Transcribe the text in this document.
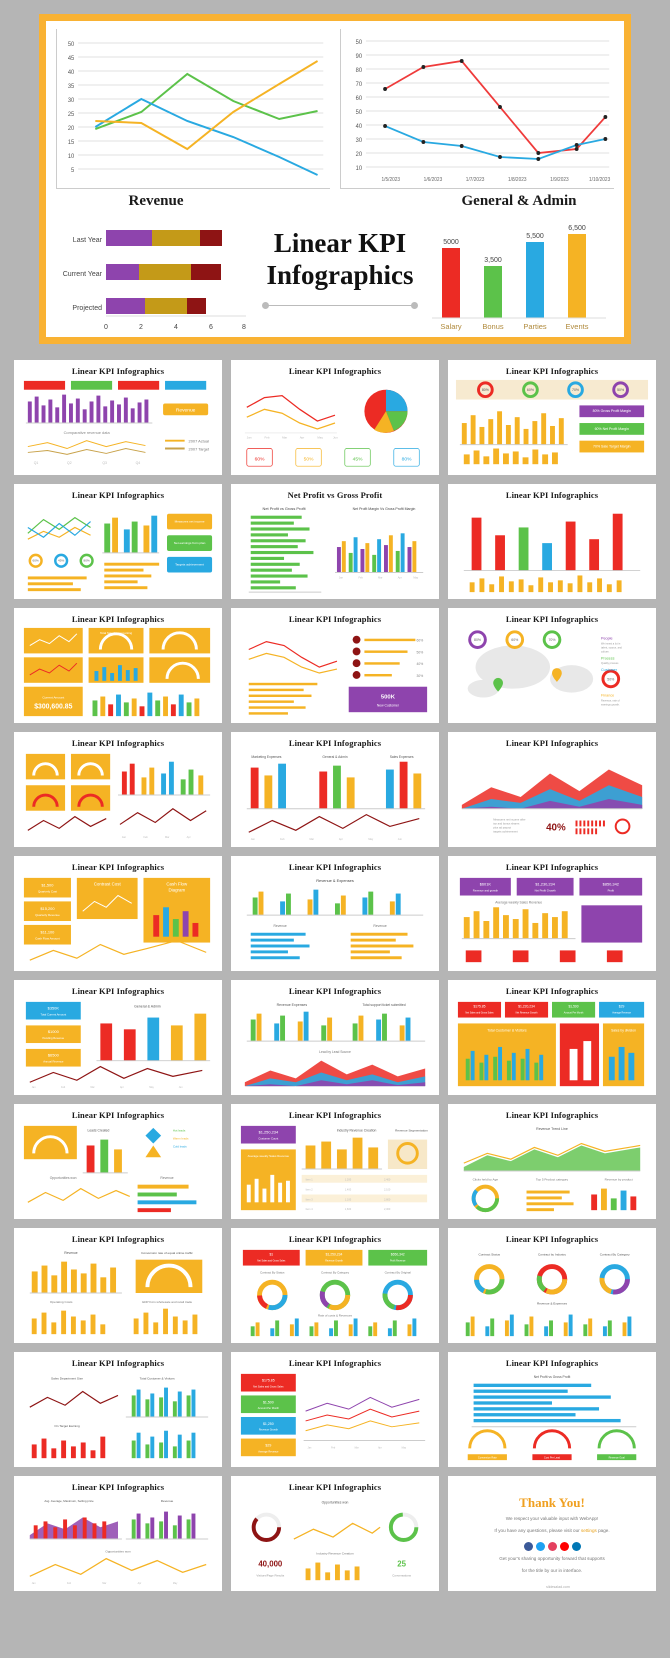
50
45
40
35
30
25
20
15
10
5
50
90
80
70
60
50
40
30
20
10
1/5/2023	1/6/2023	1/7/2023	1/8/2023	1/9/2023	1/10/2023
Revenue
Last Year
Current Year
Projected
0	2	4	6	8
Linear KPI
Infographics
General & Admin
5000
3,500
5,500
6,500
Salary	Bonus	Parties	Events
Linear KPI Infographics
Revenue
Comparative revenue data
2007 Actual
2007 Target
Q1	Q2	Q3	Q4
Linear KPI Infographics
Jan	Feb	Mar	Apr	May	Jun
60%	50%	45%	80%
Linear KPI Infographics
80%	60%	70%	50%
80% Gross Profit Margin
60% Net Profit Margin
70% Sale Target Margin
Linear KPI Infographics
60%	45%	80%
Measures net income
Net earnings from plan
Targets achievement
Net Profit vs Gross Profit
Net Profit vs Gross Profit	Net Profit Margin Vs Gross Profit Margin
Jan	Feb	Mar	Apr	May
Linear KPI Infographics
Linear KPI Infographics
Total Sale for accounting
Current Amount
$300,600.85
Linear KPI Infographics
60%
50%
40%
30%
500K
New Customer
Linear KPI Infographics
80%	60%	70%
50%
People
We invest a lot in
talent, source, and
culture.
Process
Quality process
Customer
Finance
Revenue, rate of
earnings growth.
Linear KPI Infographics
Jan	Feb	Mar	Apr
Linear KPI Infographics
Marketing Expenses	General & Admin	Sales Expenses
Jan	Feb	Mar	Apr	May	Jun
Linear KPI Infographics
Measures net income after
tax and bonus shares
plus ad payout
targets achievement	40%
Linear KPI Infographics
$1,500
Quarterly Cost
$15,200
Quarterly Revenue
$11,100
Cash Flow Amount
Contrast Cost	Cash Flow
Diagram
Linear KPI Infographics
Revenue & Expenses
Revenue	Revenue
Linear KPI Infographics
$601K
Revenue and growth
$1,230,234
Net Profit Growth
$850,342
Profit
Average weekly Sales Revenue
Linear KPI Infographics
$350K
Total Current Amount
$1000
Pending Revenue
$6500
Annual Revenue
General & Admin
Jan	Feb	Mar	Apr	May	Jun
Linear KPI Infographics
Revenue Expenses	Total support ticket submitted
Lead by Lead Source
Linear KPI Infographics
$175.85
Net Sales and Gross Sales
$1,220,234
Net Revenue Growth
$1,500
Amount Per Month
$29
Average Revenue
Total Customer & Visitors	Sales by division
Linear KPI Infographics
Leads Created	Hot leads
Warm leads
Cold leads
Opportunities won	Revenue
Linear KPI Infographics
$1,250,234
Customer Count
Industry Revenue Creation	Revenue Segmentation
Average weekly Sales Revenue
Item 1	1,200	2,400
Item 2	1,400	2,100
Item 3	1,100	2,800
Item 4	1,600	2,300
Linear KPI Infographics
Revenue Trend Line
Clicks held by Age	Top 5 Product category	Revenue by product
Linear KPI Infographics
Revenue	Conversion rate of equal online traffic
Operating Costs	GDP from wholesale and retail trade
Linear KPI Infographics
$1
Net Sales and Gross Sales
$1,250,234
Revenue Growth
$650,342
Profit Revenue
Contract By Status	Contract By Category	Contract By Original
Rate of costs & Revenues
Linear KPI Infographics
Contract Status	Contract by Industry	Contract By Category
Revenue & Expenses
Linear KPI Infographics
Sales Department Size	Total Customer & Visitors
On Target Earning
Linear KPI Infographics
$175.85
Net Sales and Gross Sales
$1,500
Amount Per Month
$1,250
Revenue Growth
$29
Average Revenue
Jan	Feb	Mar	Apr	May
Linear KPI Infographics
Net Profit vs Gross Profit
Conversion Rate	Cost Per Lead	Revenue Goal
Linear KPI Infographics
Avg. Average, Maximum, Selling price	Revenue
Opportunities won
Jan	Feb	Mar	Apr	May
Linear KPI Infographics
Opportunities won
40,000
Visitors/Page Results
Industry Revenue Creation
25
Conversations
Thank You!
We respect your valuable input with WebApp!
If you have any questions, please visit our settings page.
Get your's sharing opportunity forward that supports
for the title by our in interface.
slidesalad.com
